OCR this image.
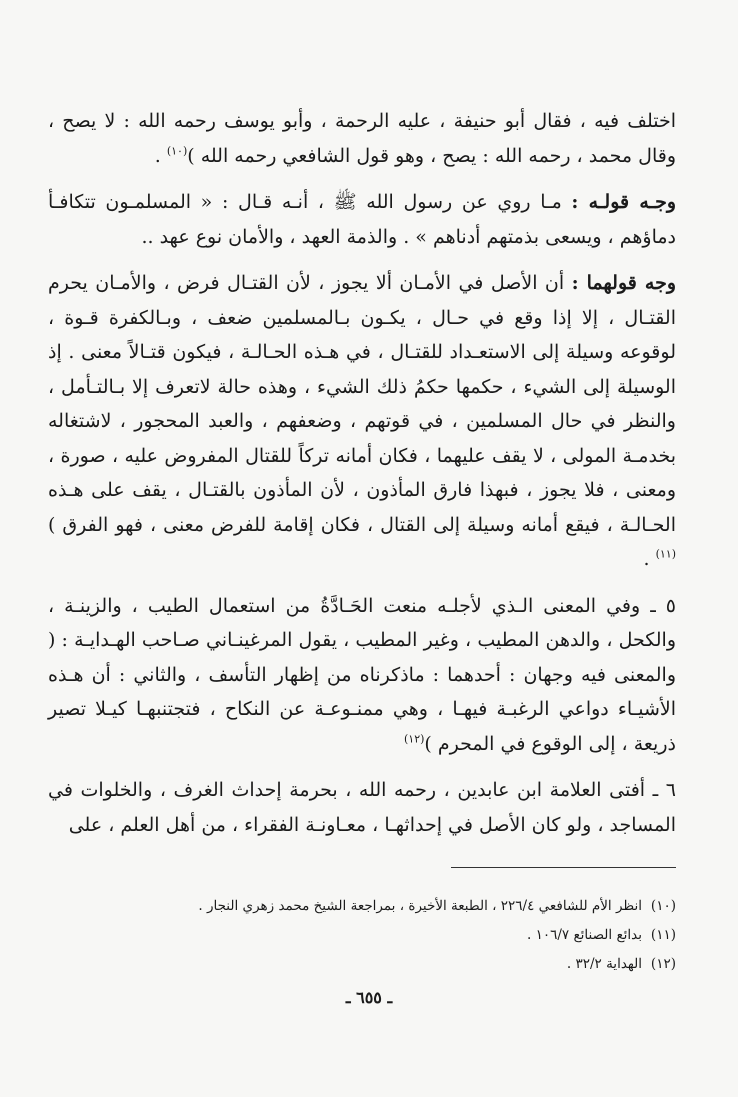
اختلف فيه ، فقال أبو حنيفة ، عليه الرحمة ، وأبو يوسف رحمه الله : لا يصح ، وقال محمد ، رحمه الله : يصح ، وهو قول الشافعي رحمه الله )$^{(١٠)}$ .

وجـه قولـه : مـا روي عن رسول الله ﷺ ، أنـه قـال : « المسلمـون تتكافـأ دماؤهم ، ويسعى بذمتهم أدناهم » . والذمة العهد ، والأمان نوع عهد ..

وجه قولهما : أن الأصل في الأمـان ألا يجوز ، لأن القتـال فرض ، والأمـان يحرم القتـال ، إلا إذا وقع في حـال ، يكـون بـالمسلمين ضعف ، وبـالكفرة قـوة ، لوقوعه وسيلة إلى الاستعـداد للقتـال ، في هـذه الحـالـة ، فيكون قتـالاً معنى . إذ الوسيلة إلى الشيء ، حكمها حكمُ ذلك الشيء ، وهذه حالة لاتعرف إلا بـالتـأمل ، والنظر في حال المسلمين ، في قوتهم ، وضعفهم ، والعبد المحجور ، لاشتغاله بخدمـة المولى ، لا يقف عليهما ، فكان أمانه تركاً للقتال المفروض عليه ، صورة ، ومعنى ، فلا يجوز ، فبهذا فارق المأذون ، لأن المأذون بالقتـال ، يقف على هـذه الحـالـة ، فيقع أمانه وسيلة إلى القتال ، فكان إقامة للفرض معنى ، فهو الفرق )$^{(١١)}$ .

٥ ـ وفي المعنى الـذي لأجلـه منعت الحَـادَّةُ من استعمال الطيب ، والزينـة ، والكحل ، والدهن المطيب ، وغير المطيب ، يقول المرغينـاني صـاحب الهـدايـة : ( والمعنى فيه وجهان : أحدهما : ماذكرناه من إظهار التأسف ، والثاني : أن هـذه الأشيـاء دواعي الرغبـة فيهـا ، وهي ممنـوعـة عن النكاح ، فتجتنبهـا كيـلا تصير ذريعة ، إلى الوقوع في المحرم )$^{(١٢)}$

٦ ـ أفتى العلامة ابن عابدين ، رحمه الله ، بحرمة إحداث الغرف ، والخلوات في المساجد ، ولو كان الأصل في إحداثهـا ، معـاونـة الفقراء ، من أهل العلم ، على

(١٠)انظر الأم للشافعي ٢٢٦/٤ ، الطبعة الأخيرة ، بمراجعة الشيخ محمد زهري النجار .

(١١)بدائع الصنائع ١٠٦/٧ .

(١٢)الهداية ٣٢/٢ .

ـ ٦٥٥ ـ
